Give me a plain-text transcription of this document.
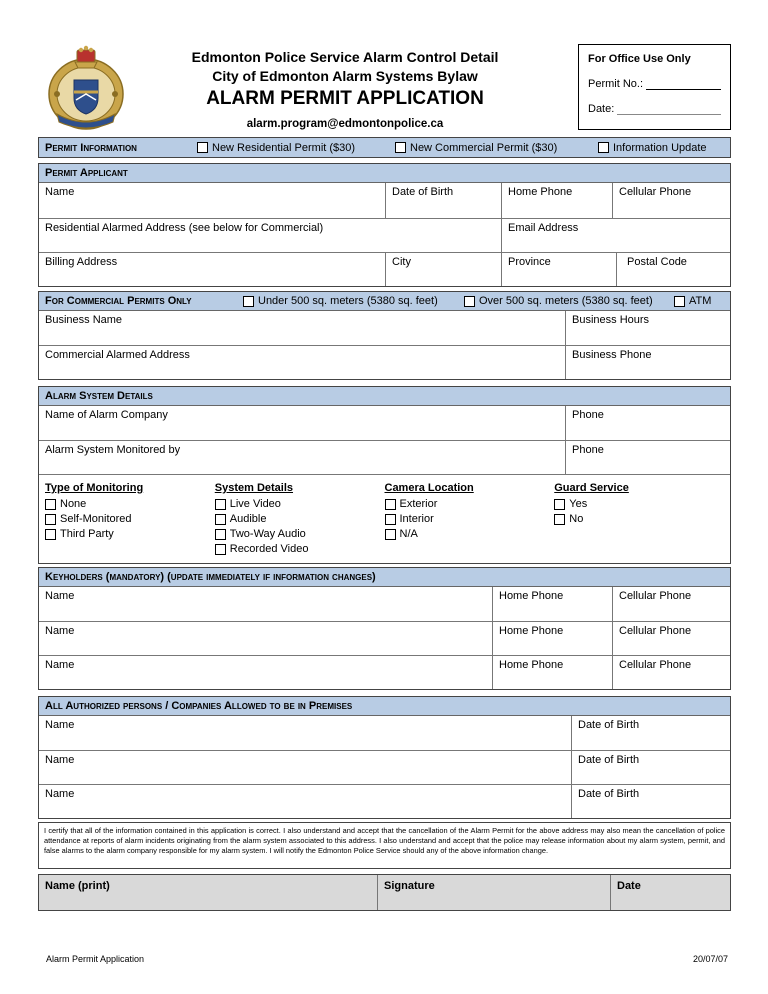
Edmonton Police Service Alarm Control Detail
City of Edmonton Alarm Systems Bylaw
ALARM PERMIT APPLICATION
alarm.program@edmontonpolice.ca
For Office Use Only
Permit No.:
Date:
Permit Information	New Residential Permit ($30)	New Commercial Permit ($30)	Information Update
Permit Applicant
Name	Date of Birth	Home Phone	Cellular Phone
Residential Alarmed Address (see below for Commercial)	Email Address
Billing Address	City	Province	Postal Code
For Commercial Permits Only	Under 500 sq. meters (5380 sq. feet)	Over 500 sq. meters (5380 sq. feet)	ATM
Business Name	Business Hours
Commercial Alarmed Address	Business Phone
Alarm System Details
Name of Alarm Company	Phone
Alarm System Monitored by	Phone
Type of Monitoring
None
Self-Monitored
Third Party
System Details
Live Video
Audible
Two-Way Audio
Recorded Video
Camera Location
Exterior
Interior
N/A
Guard Service
Yes
No
Keyholders (mandatory) (update immediately if information changes)
Name	Home Phone	Cellular Phone
Name	Home Phone	Cellular Phone
Name	Home Phone	Cellular Phone
All Authorized persons / Companies Allowed to be in Premises
Name	Date of Birth
Name	Date of Birth
Name	Date of Birth
I certify that all of the information contained in this application is correct. I also understand and accept that the cancellation of the Alarm Permit for the above address may also mean the cancellation of police attendance at reports of alarm incidents originating from the alarm system associated to this address. I also understand and accept that the police may release information about my alarm system, permit, and false alarms to the alarm company responsible for my alarm system. I will notify the Edmonton Police Service should any of the above information change.
Name (print)	Signature	Date
Alarm Permit Application	20/07/07
